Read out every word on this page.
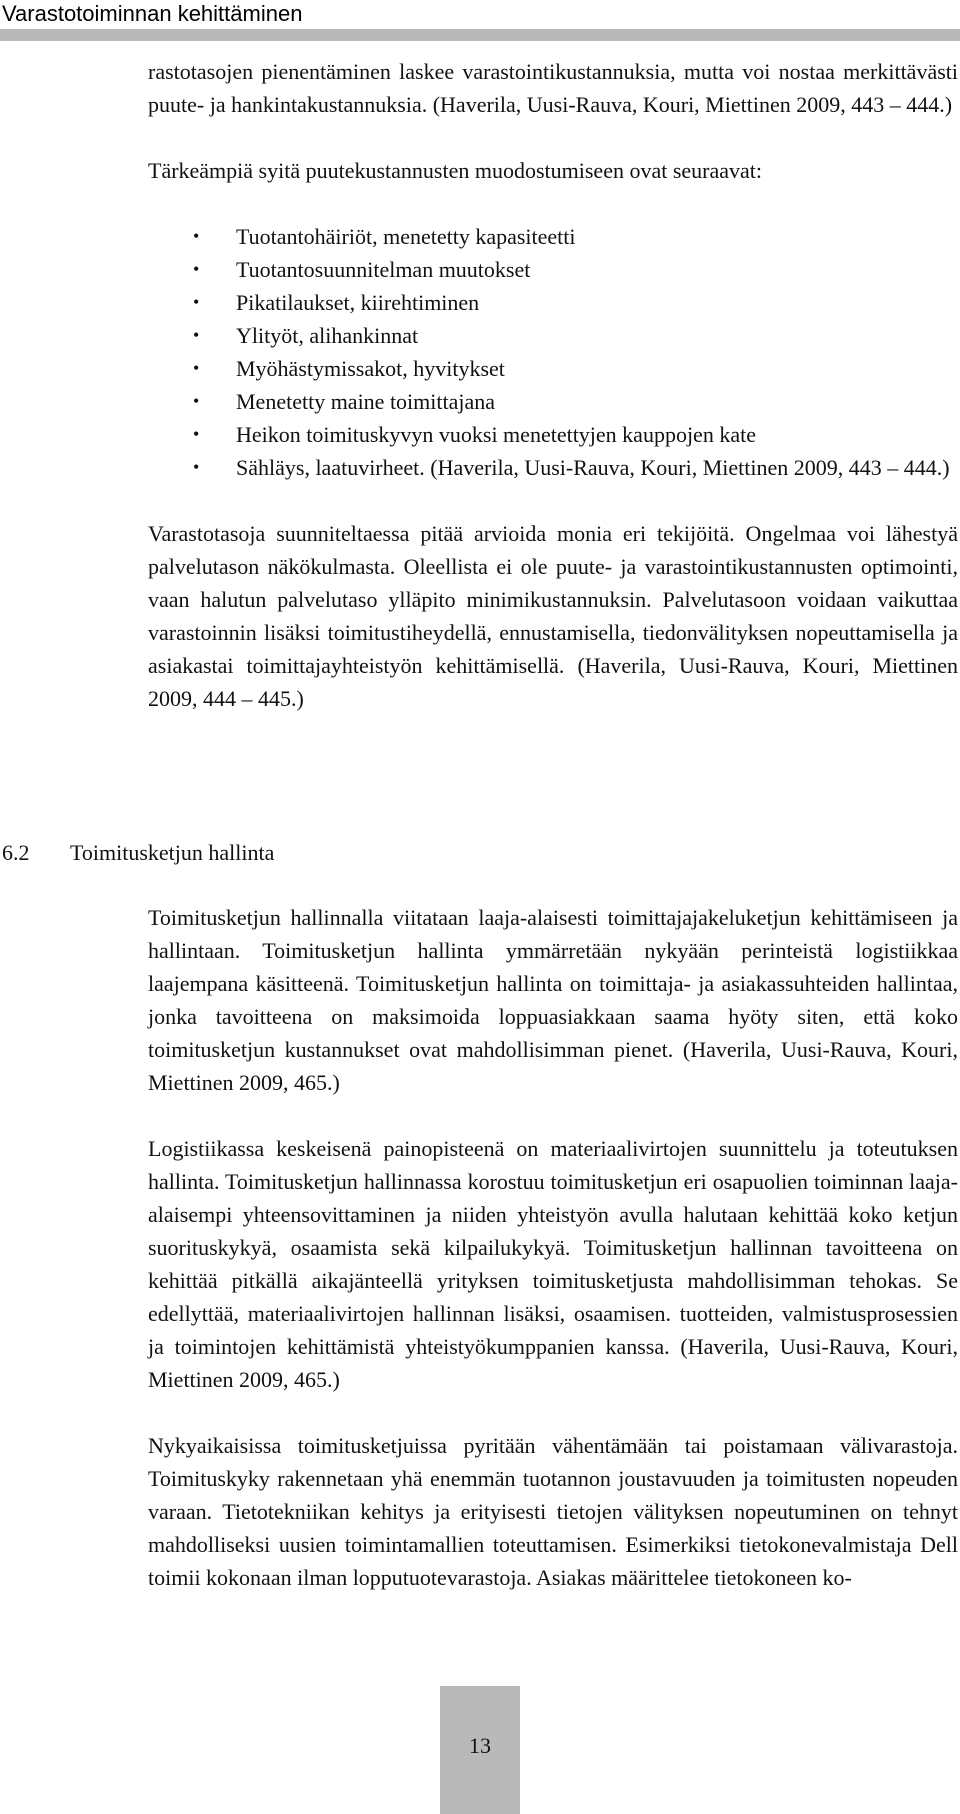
Varastotoiminnan kehittäminen

rastotasojen pienentäminen laskee varastointikustannuksia, mutta voi nostaa merkittävästi puute- ja hankintakustannuksia. (Haverila, Uusi-Rauva, Kouri, Miettinen 2009, 443 – 444.)

Tärkeämpiä syitä puutekustannusten muodostumiseen ovat seuraavat:

• Tuotantohäiriöt, menetetty kapasiteetti
• Tuotantosuunnitelman muutokset
• Pikatilaukset, kiirehtiminen
• Ylityöt, alihankinnat
• Myöhästymissakot, hyvitykset
• Menetetty maine toimittajana
• Heikon toimituskyvyn vuoksi menetettyjen kauppojen kate
• Sähläys, laatuvirheet. (Haverila, Uusi-Rauva, Kouri, Miettinen 2009, 443 – 444.)

Varastotasoja suunniteltaessa pitää arvioida monia eri tekijöitä. Ongelmaa voi lähestyä palvelutason näkökulmasta. Oleellista ei ole puute- ja varastointikustannusten optimointi, vaan halutun palvelutaso ylläpito minimikustannuksin. Palvelutasoon voidaan vaikuttaa varastoinnin lisäksi toimitustiheydellä, ennustamisella, tiedonvälityksen nopeuttamisella ja asiakastai toimittajayhteistyön kehittämisellä. (Haverila, Uusi-Rauva, Kouri, Miettinen 2009, 444 – 445.)

6.2 Toimitusketjun hallinta

Toimitusketjun hallinnalla viitataan laaja-alaisesti toimittajajakeluketjun kehittämiseen ja hallintaan. Toimitusketjun hallinta ymmärretään nykyään perinteistä logistiikkaa laajempana käsitteenä. Toimitusketjun hallinta on toimittaja- ja asiakassuhteiden hallintaa, jonka tavoitteena on maksimoida loppuasiakkaan saama hyöty siten, että koko toimitusketjun kustannukset ovat mahdollisimman pienet. (Haverila, Uusi-Rauva, Kouri, Miettinen 2009, 465.)

Logistiikassa keskeisenä painopisteenä on materiaalivirtojen suunnittelu ja toteutuksen hallinta. Toimitusketjun hallinnassa korostuu toimitusketjun eri osapuolien toiminnan laaja-alaisempi yhteensovittaminen ja niiden yhteistyön avulla halutaan kehittää koko ketjun suorituskykyä, osaamista sekä kilpailukykyä. Toimitusketjun hallinnan tavoitteena on kehittää pitkällä aikajänteellä yrityksen toimitusketjusta mahdollisimman tehokas. Se edellyttää, materiaalivirtojen hallinnan lisäksi, osaamisen. tuotteiden, valmistusprosessien ja toimintojen kehittämistä yhteistyökumppanien kanssa. (Haverila, Uusi-Rauva, Kouri, Miettinen 2009, 465.)

Nykyaikaisissa toimitusketjuissa pyritään vähentämään tai poistamaan välivarastoja. Toimituskyky rakennetaan yhä enemmän tuotannon joustavuuden ja toimitusten nopeuden varaan. Tietotekniikan kehitys ja erityisesti tietojen välityksen nopeutuminen on tehnyt mahdolliseksi uusien toimintamallien toteuttamisen. Esimerkiksi tietokonevalmistaja Dell toimii kokonaan ilman lopputuotevarastoja. Asiakas määrittelee tietokoneen ko-

13
